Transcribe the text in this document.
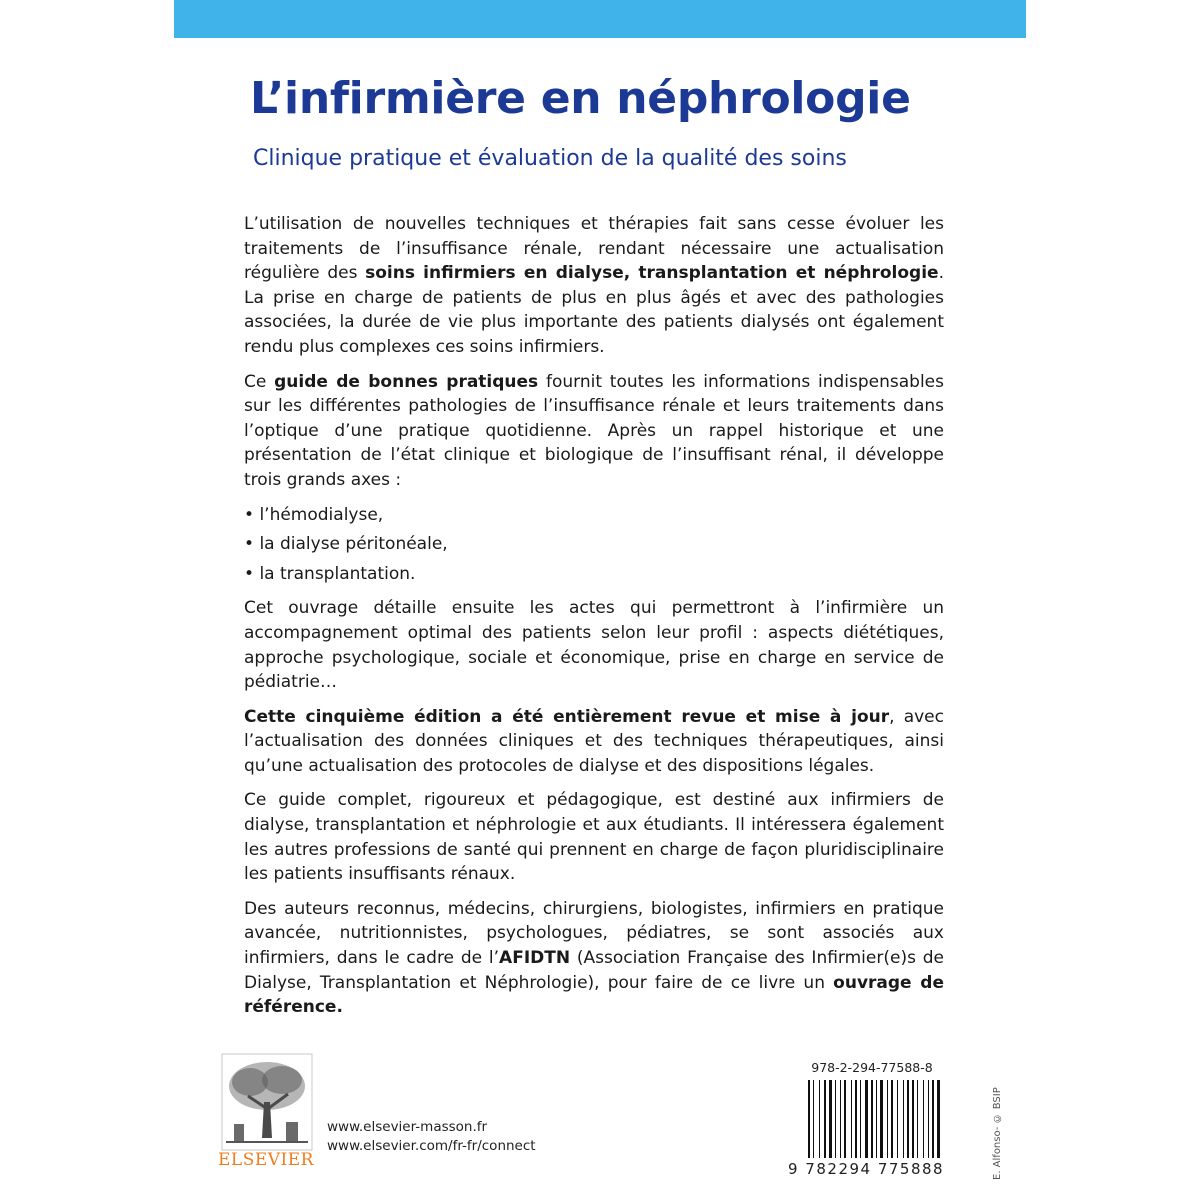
L’infirmière en néphrologie
Clinique pratique et évaluation de la qualité des soins

L’utilisation de nouvelles techniques et thérapies fait sans cesse évoluer les traitements de l’insuffisance rénale, rendant nécessaire une actualisation régulière des soins infirmiers en dialyse, transplantation et néphrologie. La prise en charge de patients de plus en plus âgés et avec des pathologies associées, la durée de vie plus importante des patients dialysés ont également rendu plus complexes ces soins infirmiers.

Ce guide de bonnes pratiques fournit toutes les informations indispensables sur les différentes pathologies de l’insuffisance rénale et leurs traitements dans l’optique d’une pratique quotidienne. Après un rappel historique et une présentation de l’état clinique et biologique de l’insuffisant rénal, il développe trois grands axes :

• l’hémodialyse,
• la dialyse péritonéale,
• la transplantation.

Cet ouvrage détaille ensuite les actes qui permettront à l’infirmière un accompagnement optimal des patients selon leur profil : aspects diététiques, approche psychologique, sociale et économique, prise en charge en service de pédiatrie…

Cette cinquième édition a été entièrement revue et mise à jour, avec l’actualisation des données cliniques et des techniques thérapeutiques, ainsi qu’une actualisation des protocoles de dialyse et des dispositions légales.

Ce guide complet, rigoureux et pédagogique, est destiné aux infirmiers de dialyse, transplantation et néphrologie et aux étudiants. Il intéressera également les autres professions de santé qui prennent en charge de façon pluridisciplinaire les patients insuffisants rénaux.

Des auteurs reconnus, médecins, chirurgiens, biologistes, infirmiers en pratique avancée, nutritionnistes, psychologues, pédiatres, se sont associés aux infirmiers, dans le cadre de l’AFIDTN (Association Française des Infirmier(e)s de Dialyse, Transplantation et Néphrologie), pour faire de ce livre un ouvrage de référence.

ELSEVIER
www.elsevier-masson.fr
www.elsevier.com/fr-fr/connect
978-2-294-77588-8
9 782294 775888	E. Alfonso- © BSIP
